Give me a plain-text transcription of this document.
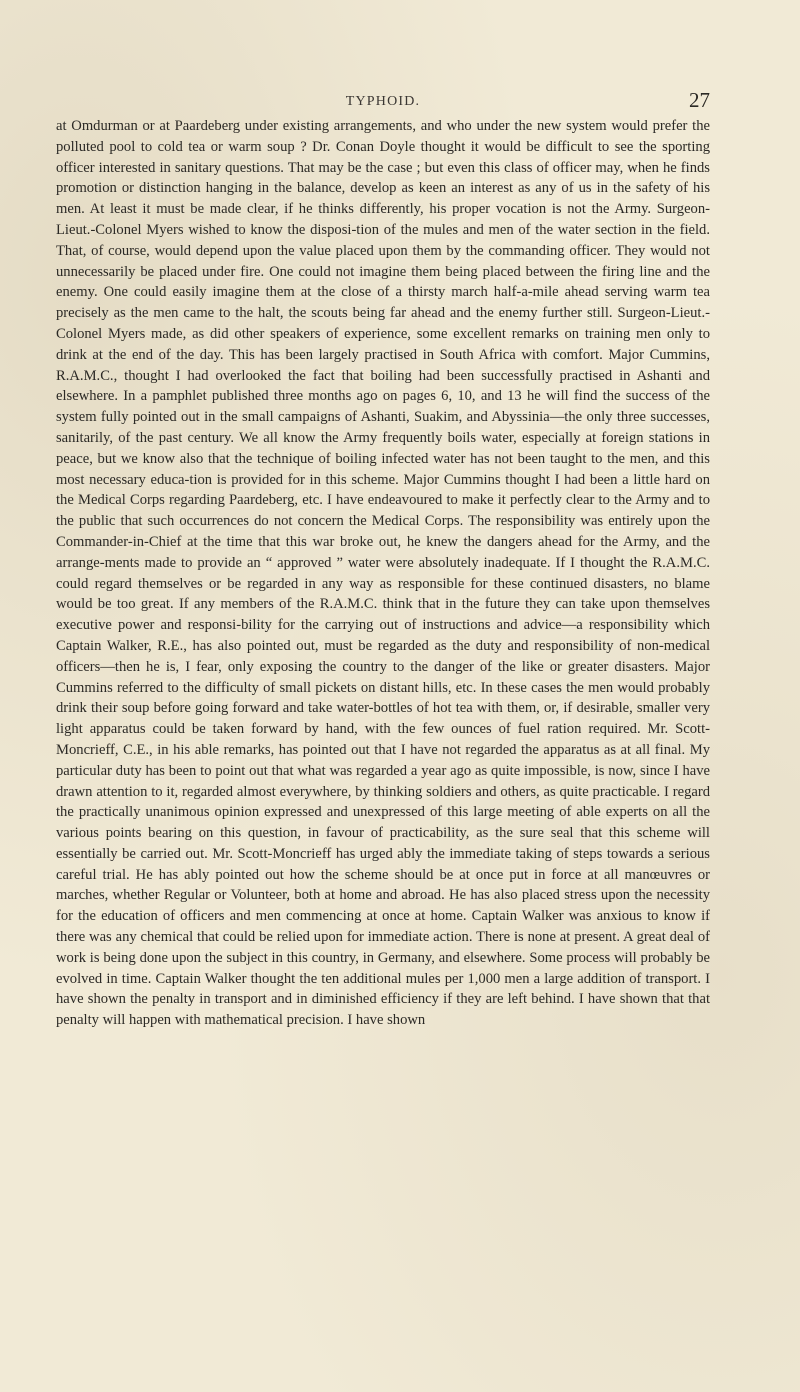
TYPHOID.	27

at Omdurman or at Paardeberg under existing arrangements, and who under the new system would prefer the polluted pool to cold tea or warm soup ? Dr. Conan Doyle thought it would be difficult to see the sporting officer interested in sanitary questions. That may be the case ; but even this class of officer may, when he finds promotion or distinction hanging in the balance, develop as keen an interest as any of us in the safety of his men. At least it must be made clear, if he thinks differently, his proper vocation is not the Army. Surgeon-Lieut.-Colonel Myers wished to know the disposi-tion of the mules and men of the water section in the field. That, of course, would depend upon the value placed upon them by the commanding officer. They would not unnecessarily be placed under fire. One could not imagine them being placed between the firing line and the enemy. One could easily imagine them at the close of a thirsty march half-a-mile ahead serving warm tea precisely as the men came to the halt, the scouts being far ahead and the enemy further still. Surgeon-Lieut.-Colonel Myers made, as did other speakers of experience, some excellent remarks on training men only to drink at the end of the day. This has been largely practised in South Africa with comfort. Major Cummins, R.A.M.C., thought I had overlooked the fact that boiling had been successfully practised in Ashanti and elsewhere. In a pamphlet published three months ago on pages 6, 10, and 13 he will find the success of the system fully pointed out in the small campaigns of Ashanti, Suakim, and Abyssinia—the only three successes, sanitarily, of the past century. We all know the Army frequently boils water, especially at foreign stations in peace, but we know also that the technique of boiling infected water has not been taught to the men, and this most necessary educa-tion is provided for in this scheme. Major Cummins thought I had been a little hard on the Medical Corps regarding Paardeberg, etc. I have endeavoured to make it perfectly clear to the Army and to the public that such occurrences do not concern the Medical Corps. The responsibility was entirely upon the Commander-in-Chief at the time that this war broke out, he knew the dangers ahead for the Army, and the arrange-ments made to provide an “ approved ” water were absolutely inadequate. If I thought the R.A.M.C. could regard themselves or be regarded in any way as responsible for these continued disasters, no blame would be too great. If any members of the R.A.M.C. think that in the future they can take upon themselves executive power and responsi-bility for the carrying out of instructions and advice—a responsibility which Captain Walker, R.E., has also pointed out, must be regarded as the duty and responsibility of non-medical officers—then he is, I fear, only exposing the country to the danger of the like or greater disasters. Major Cummins referred to the difficulty of small pickets on distant hills, etc. In these cases the men would probably drink their soup before going forward and take water-bottles of hot tea with them, or, if desirable, smaller very light apparatus could be taken forward by hand, with the few ounces of fuel ration required. Mr. Scott-Moncrieff, C.E., in his able remarks, has pointed out that I have not regarded the apparatus as at all final. My particular duty has been to point out that what was regarded a year ago as quite impossible, is now, since I have drawn attention to it, regarded almost everywhere, by thinking soldiers and others, as quite practicable. I regard the practically unanimous opinion expressed and unexpressed of this large meeting of able experts on all the various points bearing on this question, in favour of practicability, as the sure seal that this scheme will essentially be carried out. Mr. Scott-Moncrieff has urged ably the immediate taking of steps towards a serious careful trial. He has ably pointed out how the scheme should be at once put in force at all manœuvres or marches, whether Regular or Volunteer, both at home and abroad. He has also placed stress upon the necessity for the education of officers and men commencing at once at home. Captain Walker was anxious to know if there was any chemical that could be relied upon for immediate action. There is none at present. A great deal of work is being done upon the subject in this country, in Germany, and elsewhere. Some process will probably be evolved in time. Captain Walker thought the ten additional mules per 1,000 men a large addition of transport. I have shown the penalty in transport and in diminished efficiency if they are left behind. I have shown that that penalty will happen with mathematical precision. I have shown
